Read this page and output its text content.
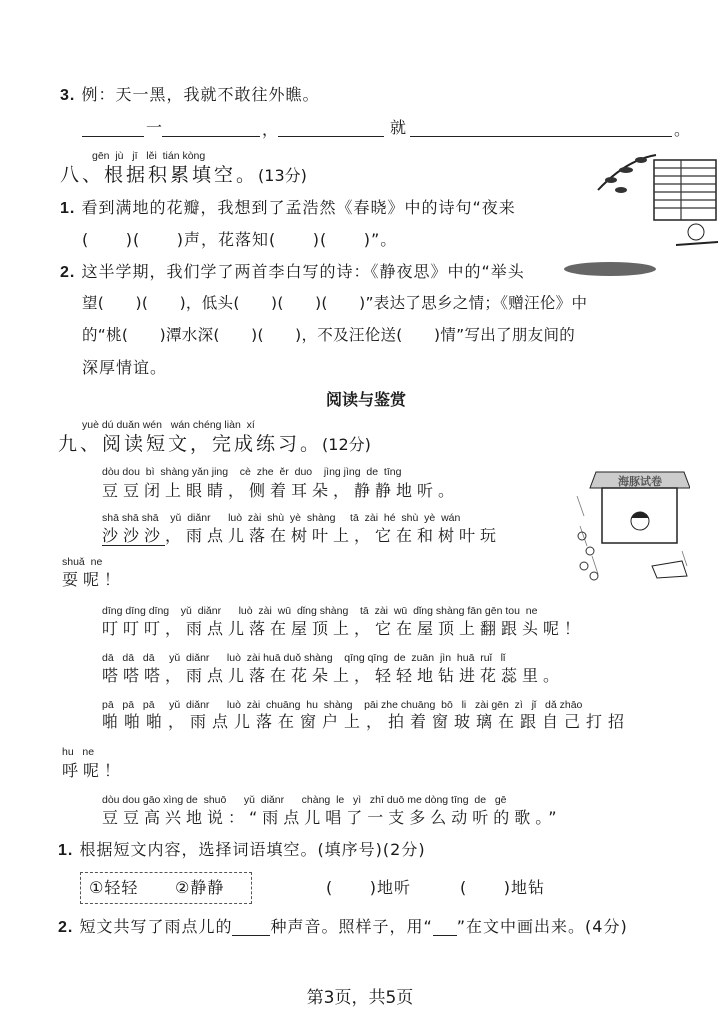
3. 例：天一黑，我就不敢往外瞧。
一	，	就	。
gēn  jù   jī   lěi  tián kòng
八、根据积累填空。(13分)
1. 看到满地的花瓣，我想到了孟浩然《春晓》中的诗句“夜来
(      )(      )声，花落知(      )(      )”。
2. 这半学期，我们学了两首李白写的诗：《静夜思》中的“举头
望(      )(      )，低头(      )(      )(      )”表达了思乡之情；《赠汪伦》中
的“桃(      )潭水深(      )(      )，不及汪伦送(      )情”写出了朋友间的
深厚情谊。
阅读与鉴赏
yuè dú duǎn wén   wán chéng liàn  xí
九、阅读短文，完成练习。(12分)
dòu dou  bì  shàng yǎn jing    cè  zhe  ěr  duo    jìng jìng  de  tīng
豆豆闭上眼睛，侧着耳朵，静静地听。
shā shā shā    yǔ  diǎnr      luò  zài  shù  yè  shàng     tā  zài  hé  shù  yè  wán
沙沙沙，雨点儿落在树叶上，它在和树叶玩
shuǎ  ne
耍呢！
dīng dīng dīng    yǔ  diǎnr      luò  zài  wū  dǐng shàng    tā  zài  wū  dǐng shàng fān gēn tou  ne
叮叮叮，雨点儿落在屋顶上，它在屋顶上翻跟头呢！
dā   dā   dā     yǔ  diǎnr      luò  zài huā duǒ shàng    qīng qīng  de  zuān  jìn  huā  ruǐ   lǐ
嗒嗒嗒，雨点儿落在花朵上，轻轻地钻进花蕊里。
pā   pā   pā     yǔ  diǎnr      luò  zài  chuāng  hu  shàng    pāi zhe chuāng  bō   li   zài gēn  zì   jǐ   dǎ zhāo
啪啪啪，雨点儿落在窗户上，拍着窗玻璃在跟自己打招
hu   ne
呼呢！
dòu dou gāo xìng de  shuō      yǔ  diǎnr      chàng  le   yì   zhī duō me dòng tīng  de   gē
豆豆高兴地说：“雨点儿唱了一支多么动听的歌。”
海豚试卷
1. 根据短文内容，选择词语填空。(填序号)(2分)
①轻轻 ②静静	(      )地听	(      )地钻
2. 短文共写了雨点儿的 种声音。照样子，用“ ”在文中画出来。(4分)
第3页，共5页
